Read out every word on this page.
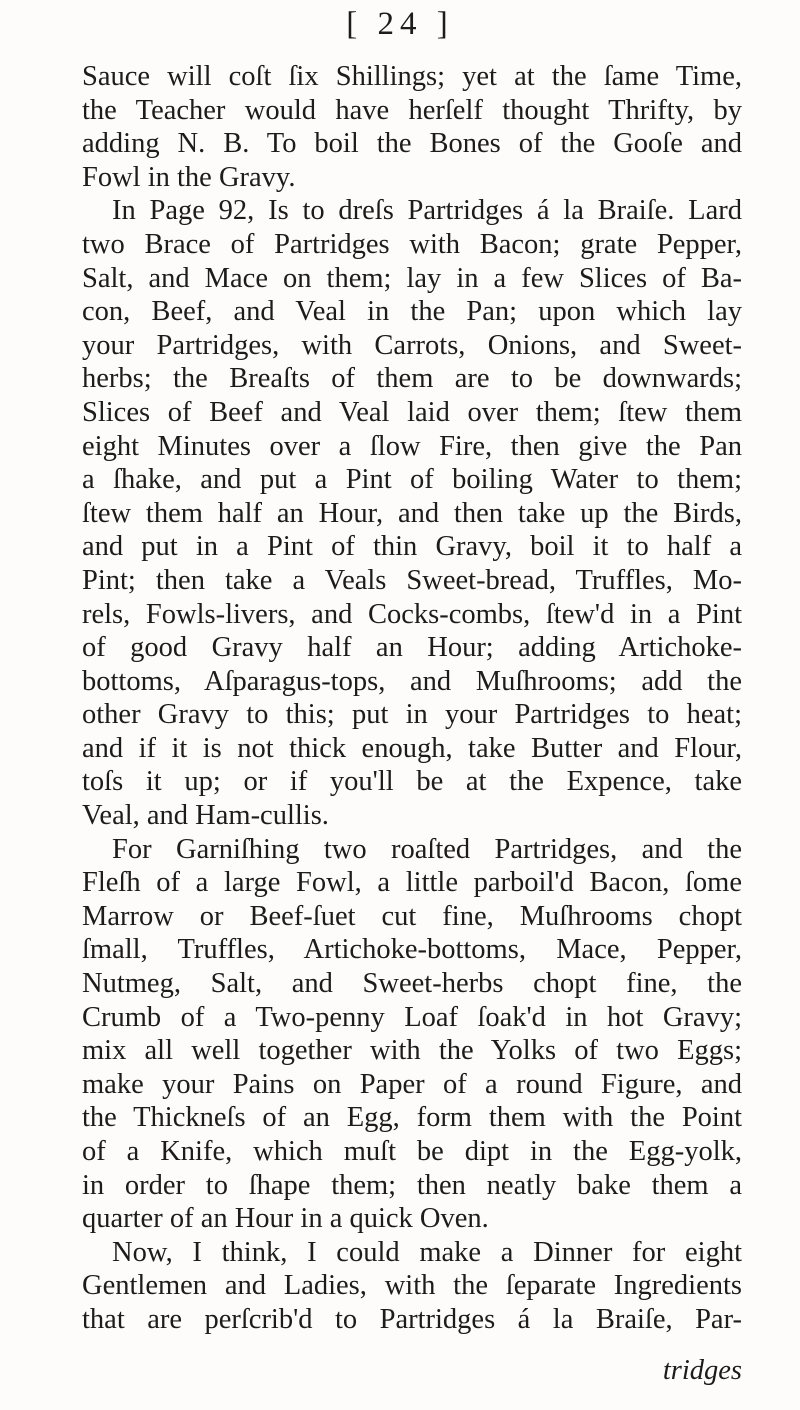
[ 24 ]
Sauce will coſt ſix Shillings; yet at the ſame Time,
the Teacher would have herſelf thought Thrifty, by
adding N. B. To boil the Bones of the Gooſe and
Fowl in the Gravy.
In Page 92, Is to dreſs Partridges á la Braiſe. Lard
two Brace of Partridges with Bacon; grate Pepper,
Salt, and Mace on them; lay in a few Slices of Ba-
con, Beef, and Veal in the Pan; upon which lay
your Partridges, with Carrots, Onions, and Sweet-
herbs; the Breaſts of them are to be downwards;
Slices of Beef and Veal laid over them; ſtew them
eight Minutes over a ſlow Fire, then give the Pan
a ſhake, and put a Pint of boiling Water to them;
ſtew them half an Hour, and then take up the Birds,
and put in a Pint of thin Gravy, boil it to half a
Pint; then take a Veals Sweet-bread, Truffles, Mo-
rels, Fowls-livers, and Cocks-combs, ſtew'd in a Pint
of good Gravy half an Hour; adding Artichoke-
bottoms, Aſparagus-tops, and Muſhrooms; add the
other Gravy to this; put in your Partridges to heat;
and if it is not thick enough, take Butter and Flour,
toſs it up; or if you'll be at the Expence, take
Veal, and Ham-cullis.
For Garniſhing two roaſted Partridges, and the
Fleſh of a large Fowl, a little parboil'd Bacon, ſome
Marrow or Beef-ſuet cut fine, Muſhrooms chopt
ſmall, Truffles, Artichoke-bottoms, Mace, Pepper,
Nutmeg, Salt, and Sweet-herbs chopt fine, the
Crumb of a Two-penny Loaf ſoak'd in hot Gravy;
mix all well together with the Yolks of two Eggs;
make your Pains on Paper of a round Figure, and
the Thickneſs of an Egg, form them with the Point
of a Knife, which muſt be dipt in the Egg-yolk,
in order to ſhape them; then neatly bake them a
quarter of an Hour in a quick Oven.
Now, I think, I could make a Dinner for eight
Gentlemen and Ladies, with the ſeparate Ingredients
that are perſcrib'd to Partridges á la Braiſe, Par-
tridges
